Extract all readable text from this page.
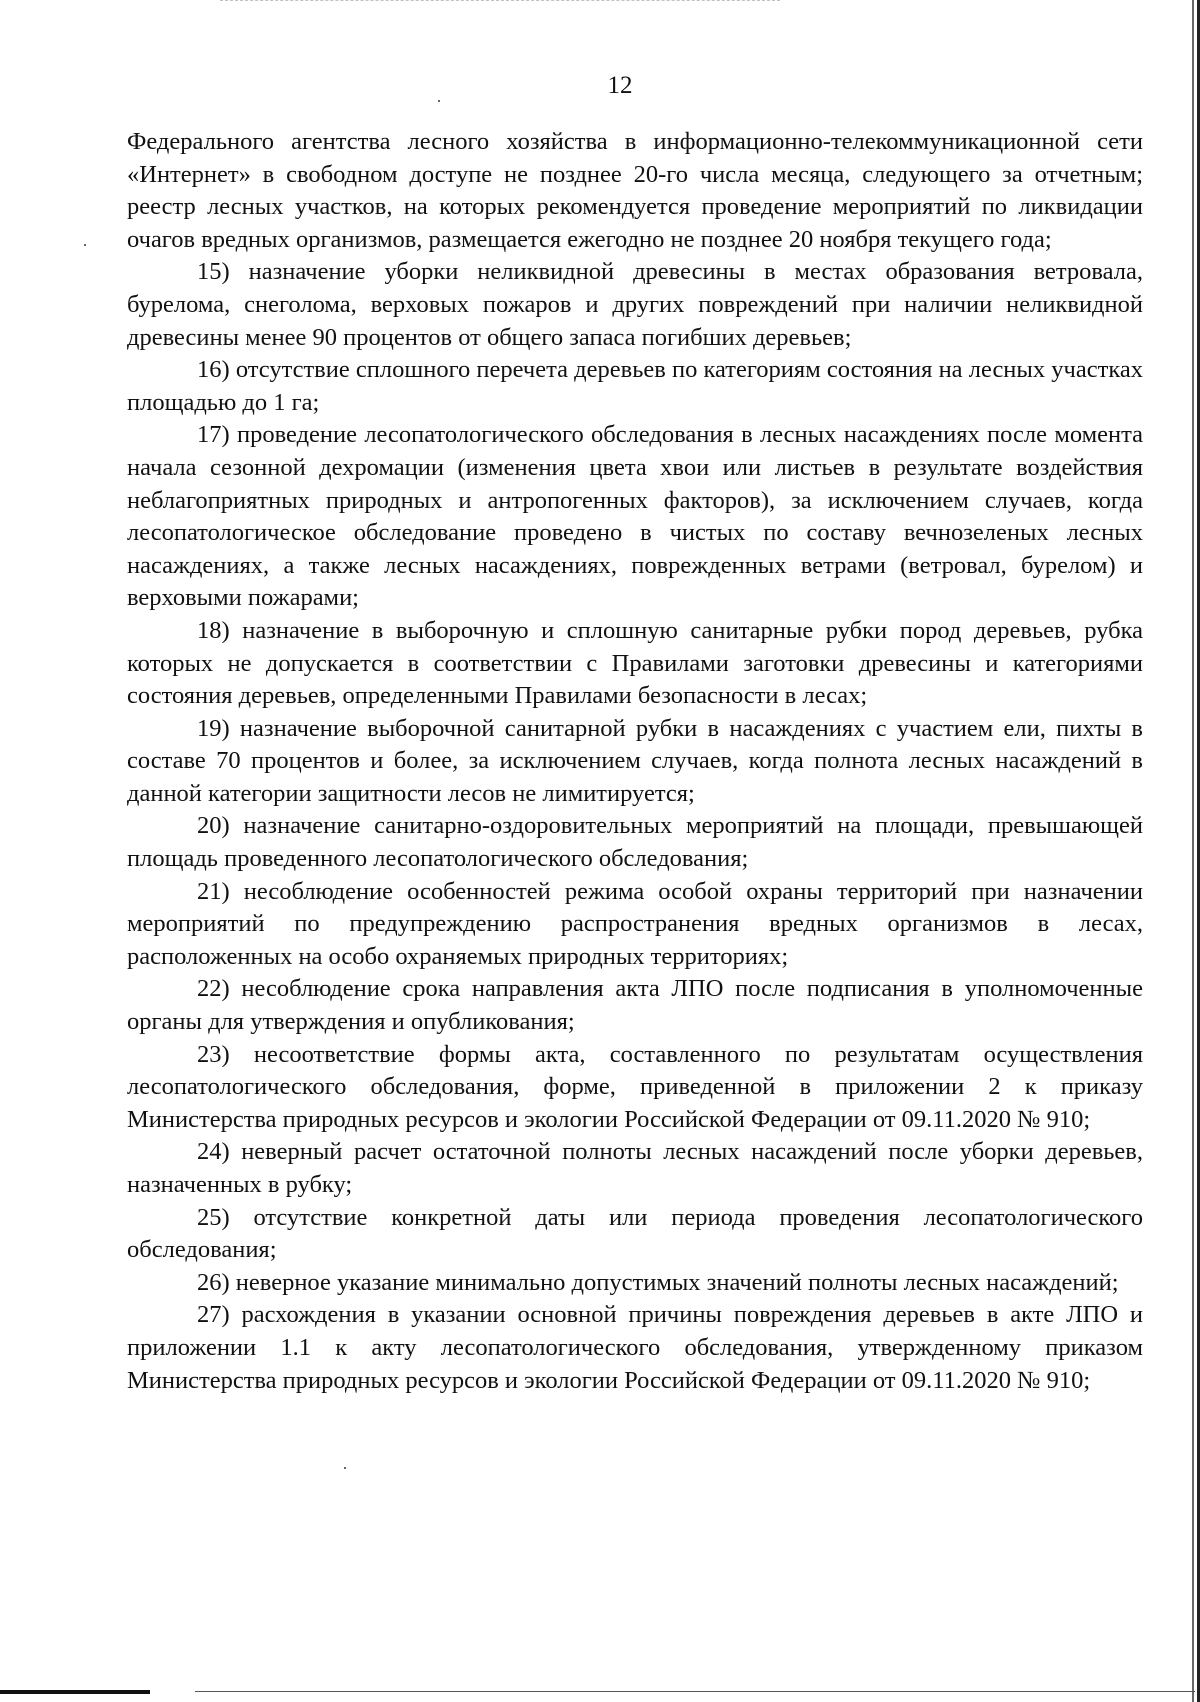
12

Федерального агентства лесного хозяйства в информационно-телекоммуникационной сети «Интернет» в свободном доступе не позднее 20-го числа месяца, следующего за отчетным; реестр лесных участков, на которых рекомендуется проведение мероприятий по ликвидации очагов вредных организмов, размещается ежегодно не позднее 20 ноября текущего года;

15) назначение уборки неликвидной древесины в местах образования ветровала, бурелома, снеголома, верховых пожаров и других повреждений при наличии неликвидной древесины менее 90 процентов от общего запаса погибших деревьев;

16) отсутствие сплошного перечета деревьев по категориям состояния на лесных участках площадью до 1 га;

17) проведение лесопатологического обследования в лесных насаждениях после момента начала сезонной дехромации (изменения цвета хвои или листьев в результате воздействия неблагоприятных природных и антропогенных факторов), за исключением случаев, когда лесопатологическое обследование проведено в чистых по составу вечнозеленых лесных насаждениях, а также лесных насаждениях, поврежденных ветрами (ветровал, бурелом) и верховыми пожарами;

18) назначение в выборочную и сплошную санитарные рубки пород деревьев, рубка которых не допускается в соответствии с Правилами заготовки древесины и категориями состояния деревьев, определенными Правилами безопасности в лесах;

19) назначение выборочной санитарной рубки в насаждениях с участием ели, пихты в составе 70 процентов и более, за исключением случаев, когда полнота лесных насаждений в данной категории защитности лесов не лимитируется;

20) назначение санитарно-оздоровительных мероприятий на площади, превышающей площадь проведенного лесопатологического обследования;

21) несоблюдение особенностей режима особой охраны территорий при назначении мероприятий по предупреждению распространения вредных организмов в лесах, расположенных на особо охраняемых природных территориях;

22) несоблюдение срока направления акта ЛПО после подписания в уполномоченные органы для утверждения и опубликования;

23) несоответствие формы акта, составленного по результатам осуществления лесопатологического обследования, форме, приведенной в приложении 2 к приказу Министерства природных ресурсов и экологии Российской Федерации от 09.11.2020 № 910;

24) неверный расчет остаточной полноты лесных насаждений после уборки деревьев, назначенных в рубку;

25) отсутствие конкретной даты или периода проведения лесопатологического обследования;

26) неверное указание минимально допустимых значений полноты лесных насаждений;

27) расхождения в указании основной причины повреждения деревьев в акте ЛПО и приложении 1.1 к акту лесопатологического обследования, утвержденному приказом Министерства природных ресурсов и экологии Российской Федерации от 09.11.2020 № 910;
